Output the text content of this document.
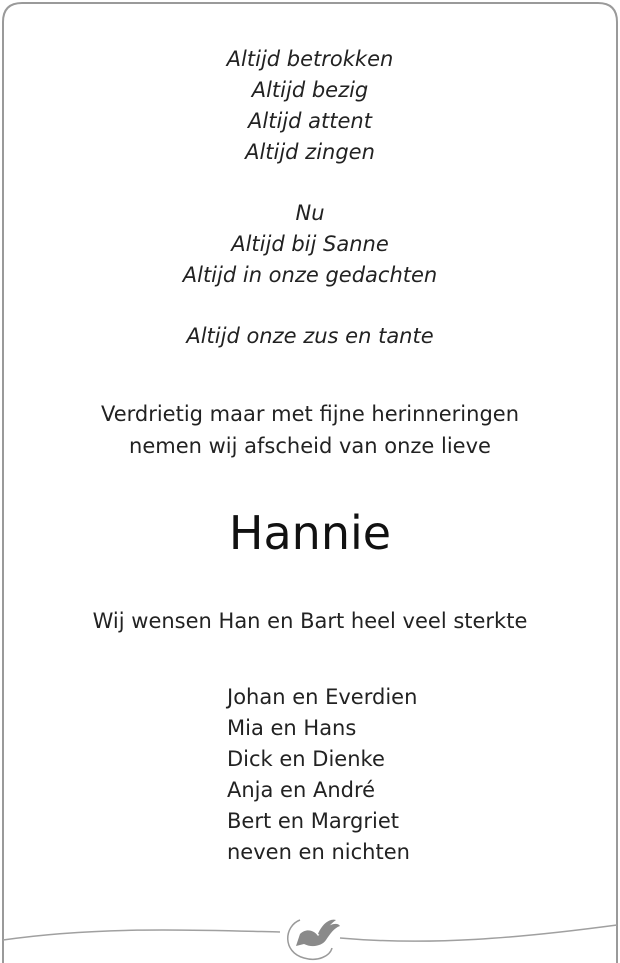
Altijd betrokken
Altijd bezig
Altijd attent
Altijd zingen
Nu
Altijd bij Sanne
Altijd in onze gedachten
Altijd onze zus en tante
Verdrietig maar met fijne herinneringen
nemen wij afscheid van onze lieve
Hannie
Wij wensen Han en Bart heel veel sterkte
Johan en Everdien
Mia en Hans
Dick en Dienke
Anja en André
Bert en Margriet
neven en nichten
